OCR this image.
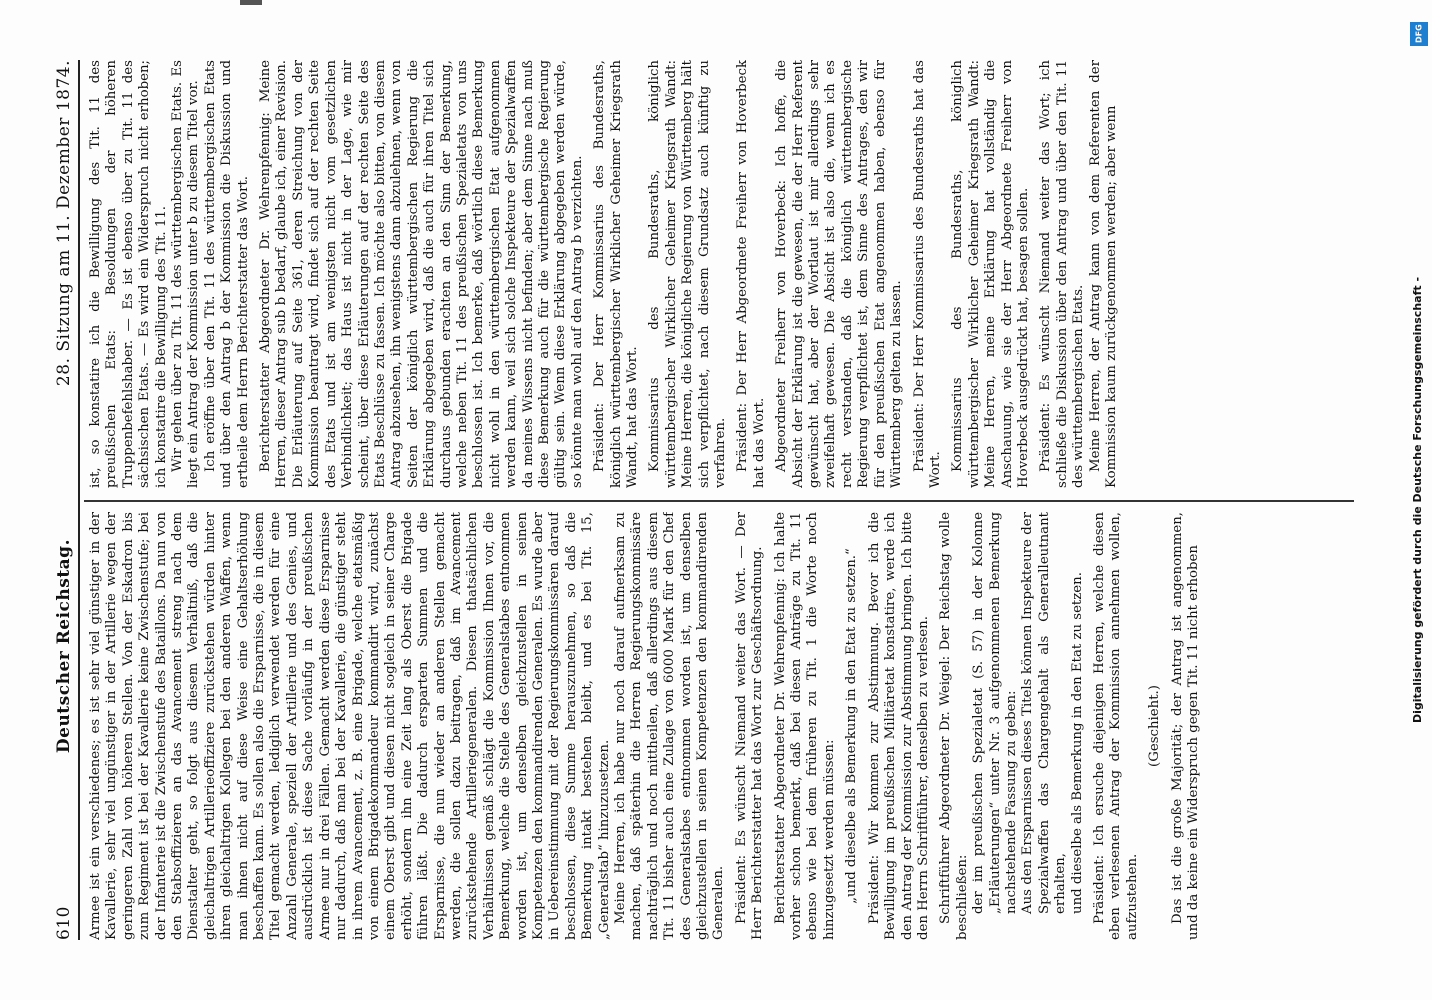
610
Deutscher Reichstag.
28. Sitzung am 11. Dezember 1874.

Armee ist ein verschiedenes; es ist sehr viel günstiger in der Kavallerie, sehr viel ungünstiger in der Artillerie wegen der geringeren Zahl von höheren Stellen. Von der Eskadron bis zum Regiment ist bei der Kavallerie keine Zwischenstufe; bei der Infanterie ist die Zwischenstufe des Bataillons. Da nun von den Stabsoffizieren an das Avancement streng nach dem Dienstalter geht, so folgt aus diesem Verhältniß, daß die gleichaltrigen Artillerieoffiziere zurückstehen würden hinter ihren gleichaltrigen Kollegen bei den anderen Waffen, wenn man ihnen nicht auf diese Weise eine Gehaltserhöhung beschaffen kann. Es sollen also die Ersparnisse, die in diesem Titel gemacht werden, lediglich verwendet werden für eine Anzahl Generale, speziell der Artillerie und des Genies, und ausdrücklich ist diese Sache vorläufig in der preußischen Armee nur in drei Fällen. Gemacht werden diese Ersparnisse nur dadurch, daß man bei der Kavallerie, die günstiger steht in ihrem Avancement, z. B. eine Brigade, welche etatsmäßig von einem Brigadekommandeur kommandirt wird, zunächst einem Oberst gibt und diesen nicht sogleich in seiner Charge erhöht, sondern ihn eine Zeit lang als Oberst die Brigade führen läßt. Die dadurch ersparten Summen und die Ersparnisse, die nun wieder an anderen Stellen gemacht werden, die sollen dazu beitragen, daß im Avancement zurückstehende Artilleriegeneralen. Diesen thatsächlichen Verhältnissen gemäß schlägt die Kommission Ihnen vor, die Bemerkung, welche die Stelle des Generalstabes entnommen worden ist, um denselben gleichzustellen in seinen Kompetenzen den kommandirenden Generalen. Es wurde aber in Uebereinstimmung mit der Regierungskommissären darauf beschlossen, diese Summe herauszunehmen, so daß die Bemerkung intakt bestehen bleibt, und es bei Tit. 15, „Generalstab“ hinzuzusetzen. Meine Herren, ich habe nur noch darauf aufmerksam zu machen, daß späterhin die Herren Regierungskommissäre nachträglich und noch mittheilen, daß allerdings aus diesem Tit. 11 bisher auch eine Zulage von 6000 Mark für den Chef des Generalstabes entnommen worden ist, um denselben gleichzustellen in seinen Kompetenzen den kommandirenden Generalen. Präsident: Es wünscht Niemand weiter das Wort. — Der Herr Berichterstatter hat das Wort zur Geschäftsordnung. Berichterstatter Abgeordneter Dr. Wehrenpfennig: Ich halte vorher schon bemerkt, daß bei diesen Anträge zu Tit. 11 ebenso wie bei dem früheren zu Tit. 1 die Worte noch hinzugesetzt werden müssen: „und dieselbe als Bemerkung in den Etat zu setzen.“ Präsident: Wir kommen zur Abstimmung. Bevor ich die Bewilligung im preußischen Militäretat konstatire, werde ich den Antrag der Kommission zur Abstimmung bringen. Ich bitte den Herrn Schriftführer, denselben zu verlesen. Schriftführer Abgeordneter Dr. Weigel: Der Reichstag wolle beschließen: der im preußischen Spezialetat (S. 57) in der Kolonne „Erläuterungen“ unter Nr. 3 aufgenommenen Bemerkung nachstehende Fassung zu geben: Aus den Ersparnissen dieses Titels können Inspekteure der Spezialwaffen das Chargengehalt als Generalleutnant erhalten, und dieselbe als Bemerkung in den Etat zu setzen. Präsident: Ich ersuche diejenigen Herren, welche diesen eben verlesenen Antrag der Kommission annehmen wollen, aufzustehen.

(Geschieht.) Das ist die große Majorität; der Antrag ist angenommen, und da keine ein Widerspruch gegen Tit. 11 nicht erhoben

ist, so konstatire ich die Bewilligung des Tit. 11 des preußischen Etats: Besoldungen der höheren Truppenbefehlshaber. — Es ist ebenso über zu Tit. 11 des sächsischen Etats. — Es wird ein Widerspruch nicht erhoben; ich konstatire die Bewilligung des Tit. 11. Wir gehen über zu Tit. 11 des württembergischen Etats. Es liegt ein Antrag der Kommission unter b zu diesem Titel vor. Ich eröffne über den Tit. 11 des württembergischen Etats und über den Antrag b der Kommission die Diskussion und ertheile dem Herrn Berichterstatter das Wort. Berichterstatter Abgeordneter Dr. Wehrenpfennig: Meine Herren, dieser Antrag sub b bedarf, glaube ich, einer Revision. Die Erläuterung auf Seite 361, deren Streichung von der Kommission beantragt wird, findet sich auf der rechten Seite des Etats und ist am wenigsten nicht vom gesetzlichen Verbindlichkeit; das Haus ist nicht in der Lage, wie mir scheint, über diese Erläuterungen auf der rechten Seite des Etats Beschlüsse zu fassen. Ich möchte also bitten, von diesem Antrag abzusehen, ihn wenigstens dann abzulehnen, wenn von Seiten der königlich württembergischen Regierung die Erklärung abgegeben wird, daß die auch für ihren Titel sich durchaus gebunden erachten an den Sinn der Bemerkung, welche neben Tit. 11 des preußischen Spezialetats von uns beschlossen ist. Ich bemerke, daß wörtlich diese Bemerkung nicht wohl in den württembergischen Etat aufgenommen werden kann, weil sich solche Inspekteure der Spezialwaffen da meines Wissens nicht befinden; aber dem Sinne nach muß diese Bemerkung auch für die württembergische Regierung gültig sein. Wenn diese Erklärung abgegeben werden würde, so könnte man wohl auf den Antrag b verzichten. Präsident: Der Herr Kommissarius des Bundesraths, königlich württembergischer Wirklicher Geheimer Kriegsrath Wandt, hat das Wort. Kommissarius des Bundesraths, königlich württembergischer Wirklicher Geheimer Kriegsrath Wandt: Meine Herren, die königliche Regierung von Württemberg hält sich verpflichtet, nach diesem Grundsatz auch künftig zu verfahren. Präsident: Der Herr Abgeordnete Freiherr von Hoverbeck hat das Wort. Abgeordneter Freiherr von Hoverbeck: Ich hoffe, die Absicht der Erklärung ist die gewesen, die der Herr Referent gewünscht hat, aber der Wortlaut ist mir allerdings sehr zweifelhaft gewesen. Die Absicht ist also die, wenn ich es recht verstanden, daß die königlich württembergische Regierung verpflichtet ist, dem Sinne des Antrages, den wir für den preußischen Etat angenommen haben, ebenso für Württemberg gelten zu lassen. Präsident: Der Herr Kommissarius des Bundesraths hat das Wort. Kommissarius des Bundesraths, königlich württembergischer Wirklicher Geheimer Kriegsrath Wandt: Meine Herren, meine Erklärung hat vollständig die Anschauung, wie sie der Herr Abgeordnete Freiherr von Hoverbeck ausgedrückt hat, besagen sollen. Präsident: Es wünscht Niemand weiter das Wort; ich schließe die Diskussion über den Antrag und über den Tit. 11 des württembergischen Etats. Meine Herren, der Antrag kann von dem Referenten der Kommission kaum zurückgenommen werden; aber wenn	Digitalisierung gefördert durch die Deutsche Forschungsgemeinschaft -
DFG
